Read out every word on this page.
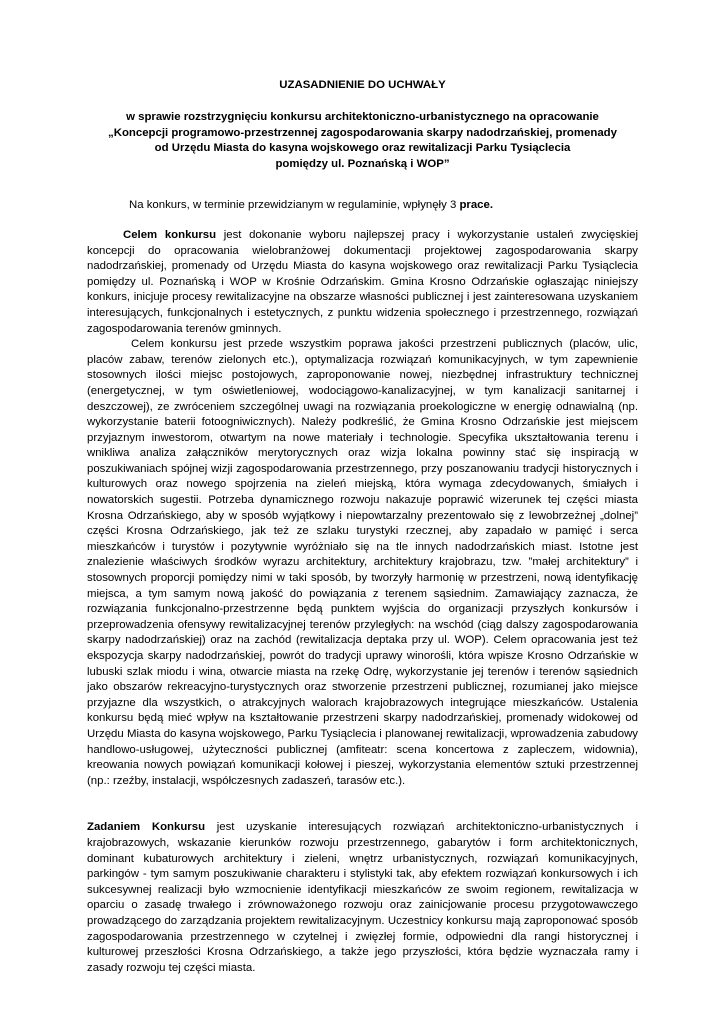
UZASADNIENIE DO UCHWAŁY

w sprawie rozstrzygnięciu konkursu architektoniczno-urbanistycznego na opracowanie
„Koncepcji programowo-przestrzennej zagospodarowania skarpy nadodrzańskiej, promenady
od Urzędu Miasta do kasyna wojskowego oraz rewitalizacji Parku Tysiąclecia
pomiędzy ul. Poznańską i WOP”

Na konkurs, w terminie przewidzianym w regulaminie, wpłynęły 3 prace.

Celem konkursu jest dokonanie wyboru najlepszej pracy i wykorzystanie ustaleń zwycięskiej koncepcji do opracowania wielobranżowej dokumentacji projektowej zagospodarowania skarpy nadodrzańskiej, promenady od Urzędu Miasta do kasyna wojskowego oraz rewitalizacji Parku Tysiąclecia pomiędzy ul. Poznańską i WOP w Krośnie Odrzańskim. Gmina Krosno Odrzańskie ogłaszając niniejszy konkurs, inicjuje procesy rewitalizacyjne na obszarze własności publicznej i jest zainteresowana uzyskaniem interesujących, funkcjonalnych i estetycznych, z punktu widzenia społecznego i przestrzennego, rozwiązań zagospodarowania terenów gminnych.

Celem konkursu jest przede wszystkim poprawa jakości przestrzeni publicznych (placów, ulic, placów zabaw, terenów zielonych etc.), optymalizacja rozwiązań komunikacyjnych, w tym zapewnienie stosownych ilości miejsc postojowych, zaproponowanie nowej, niezbędnej infrastruktury technicznej (energetycznej, w tym oświetleniowej, wodociągowo-kanalizacyjnej, w tym kanalizacji sanitarnej i deszczowej), ze zwróceniem szczególnej uwagi na rozwiązania proekologiczne w energię odnawialną (np. wykorzystanie baterii fotoogniwicznych). Należy podkreślić, że Gmina Krosno Odrzańskie jest miejscem przyjaznym inwestorom, otwartym na nowe materiały i technologie. Specyfika ukształtowania terenu i wnikliwa analiza załączników merytorycznych oraz wizja lokalna powinny stać się inspiracją w poszukiwaniach spójnej wizji zagospodarowania przestrzennego, przy poszanowaniu tradycji historycznych i kulturowych oraz nowego spojrzenia na zieleń miejską, która wymaga zdecydowanych, śmiałych i nowatorskich sugestii. Potrzeba dynamicznego rozwoju nakazuje poprawić wizerunek tej części miasta Krosna Odrzańskiego, aby w sposób wyjątkowy i niepowtarzalny prezentowało się z lewobrzeżnej „dolnej” części Krosna Odrzańskiego, jak też ze szlaku turystyki rzecznej, aby zapadało w pamięć i serca mieszkańców i turystów i pozytywnie wyróżniało się na tle innych nadodrzańskich miast. Istotne jest znalezienie właściwych środków wyrazu architektury, architektury krajobrazu, tzw. ”małej architektury” i stosownych proporcji pomiędzy nimi w taki sposób, by tworzyły harmonię w przestrzeni, nową identyfikację miejsca, a tym samym nową jakość do powiązania z terenem sąsiednim. Zamawiający zaznacza, że rozwiązania funkcjonalno-przestrzenne będą punktem wyjścia do organizacji przyszłych konkursów i przeprowadzenia ofensywy rewitalizacyjnej terenów przyległych: na wschód (ciąg dalszy zagospodarowania skarpy nadodrzańskiej) oraz na zachód (rewitalizacja deptaka przy ul. WOP). Celem opracowania jest też ekspozycja skarpy nadodrzańskiej, powrót do tradycji uprawy winorośli, która wpisze Krosno Odrzańskie w lubuski szlak miodu i wina, otwarcie miasta na rzekę Odrę, wykorzystanie jej terenów i terenów sąsiednich jako obszarów rekreacyjno-turystycznych oraz stworzenie przestrzeni publicznej, rozumianej jako miejsce przyjazne dla wszystkich, o atrakcyjnych walorach krajobrazowych integrujące mieszkańców. Ustalenia konkursu będą mieć wpływ na kształtowanie przestrzeni skarpy nadodrzańskiej, promenady widokowej od Urzędu Miasta do kasyna wojskowego, Parku Tysiąclecia i planowanej rewitalizacji, wprowadzenia zabudowy handlowo-usługowej, użyteczności publicznej (amfiteatr: scena koncertowa z zapleczem, widownia), kreowania nowych powiązań komunikacji kołowej i pieszej, wykorzystania elementów sztuki przestrzennej (np.: rzeźby, instalacji, współczesnych zadaszeń, tarasów etc.).

Zadaniem Konkursu jest uzyskanie interesujących rozwiązań architektoniczno-urbanistycznych i krajobrazowych, wskazanie kierunków rozwoju przestrzennego, gabarytów i form architektonicznych, dominant kubaturowych architektury i zieleni, wnętrz urbanistycznych, rozwiązań komunikacyjnych, parkingów - tym samym poszukiwanie charakteru i stylistyki tak, aby efektem rozwiązań konkursowych i ich sukcesywnej realizacji było wzmocnienie identyfikacji mieszkańców ze swoim regionem, rewitalizacja w oparciu o zasadę trwałego i zrównoważonego rozwoju oraz zainicjowanie procesu przygotowawczego prowadzącego do zarządzania projektem rewitalizacyjnym. Uczestnicy konkursu mają zaproponować sposób zagospodarowania przestrzennego w czytelnej i zwięzłej formie, odpowiedni dla rangi historycznej i kulturowej przeszłości Krosna Odrzańskiego, a także jego przyszłości, która będzie wyznaczała ramy i zasady rozwoju tej części miasta.
